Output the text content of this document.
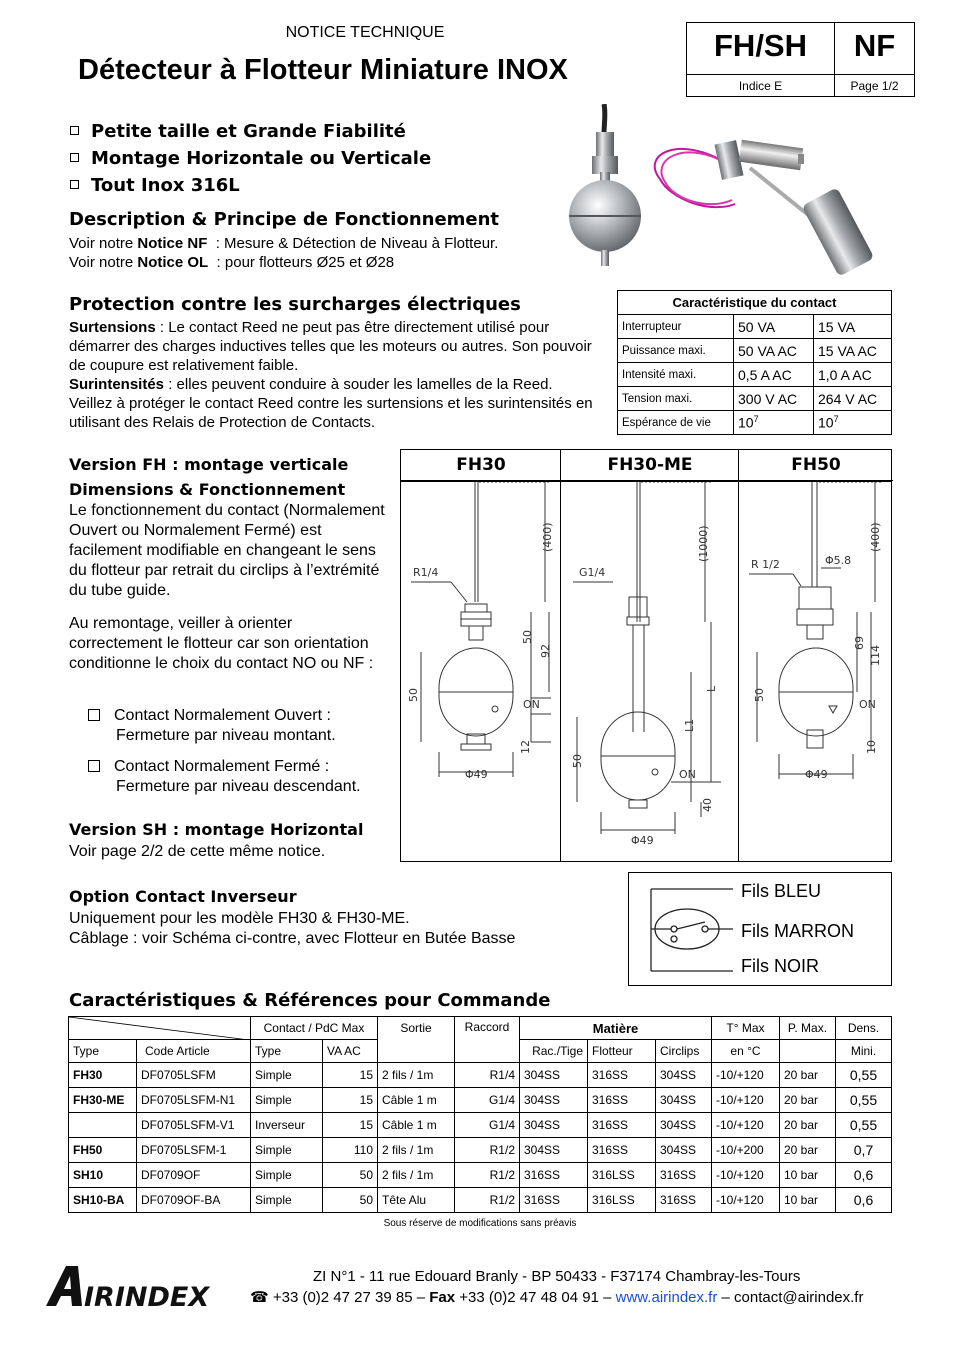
NOTICE TECHNIQUE
Détecteur à Flotteur Miniature INOX
FH/SH
Indice E
NF
Page 1/2
Petite taille et Grande Fiabilité
Montage Horizontale ou Verticale
Tout Inox 316L
Description & Principe de Fonctionnement
Voir notre Notice NF  : Mesure & Détection de Niveau à Flotteur.
Voir notre Notice OL  : pour flotteurs Ø25 et Ø28
Protection contre les surcharges électriques
Surtensions : Le contact Reed ne peut pas être directement utilisé pour démarrer des charges inductives telles que les moteurs ou autres. Son pouvoir de coupure est relativement faible.
Surintensités : elles peuvent conduire à souder les lamelles de la Reed. Veillez à protéger le contact Reed contre les surtensions et les surintensités en utilisant des Relais de Protection de Contacts.
Caractéristique du contact		
Interrupteur	50 VA	15 VA
Puissance maxi.	50 VA AC	15 VA AC
Intensité maxi.	0,5 A AC	1,0 A AC
Tension maxi.	300 V AC	264 V AC
Espérance de vie	$10^7$	$10^7$
Version FH : montage verticale
Dimensions & Fonctionnement
Le fonctionnement du contact (Normalement Ouvert ou Normalement Fermé) est facilement modifiable en changeant le sens du flotteur par retrait du circlips à l’extrémité du tube guide.
Au remontage, veiller à orienter correctement le flotteur car son orientation conditionne le choix du contact NO ou NF :
Contact Normalement Ouvert :
Fermeture par niveau montant.
Contact Normalement Fermé :
Fermeture par niveau descendant.
FH30	FH30-ME	FH50
R1/4
(400)
50
92
50
ON
12
Φ49
G1/4
(1000)
L
L1
50
ON
40
Φ49
R 1/2	Φ5.8
(400)
69
114
50
ON
10
Φ49
Version SH : montage Horizontal
Voir page 2/2 de cette même notice.
Option Contact Inverseur
Uniquement pour les modèle FH30 & FH30-ME.
Câblage : voir Schéma ci-contre, avec Flotteur en Butée Basse
Fils BLEU
Fils MARRON
Fils NOIR
Caractéristiques & Références pour Commande
	Contact / PdC Max		Sortie	Raccord	Matière			T° Max	P. Max.	Dens.
Type	Code Article	Type	VA AC			Rac./Tige	Flotteur	Circlips	en °C		Mini.
FH30	DF0705LSFM	Simple	15	2 fils / 1m	R1/4	304SS	316SS	304SS	-10/+120	20 bar	0,55
FH30-ME	DF0705LSFM-N1	Simple	15	Câble 1 m	G1/4	304SS	316SS	304SS	-10/+120	20 bar	0,55
	DF0705LSFM-V1	Inverseur	15	Câble 1 m	G1/4	304SS	316SS	304SS	-10/+120	20 bar	0,55
FH50	DF0705LSFM-1	Simple	110	2 fils / 1m	R1/2	304SS	316SS	304SS	-10/+200	20 bar	0,7
SH10	DF0709OF	Simple	50	2 fils / 1m	R1/2	316SS	316LSS	316SS	-10/+120	10 bar	0,6
SH10-BA	DF0709OF-BA	Simple	50	Tête Alu	R1/2	316SS	316LSS	316SS	-10/+120	10 bar	0,6
Sous réserve de modifications sans préavis
IRINDEX
ZI N°1 - 11 rue Edouard Branly - BP 50433 - F37174 Chambray-les-Tours
☎ +33 (0)2 47 27 39 85 – Fax +33 (0)2 47 48 04 91 – www.airindex.fr – contact@airindex.fr
